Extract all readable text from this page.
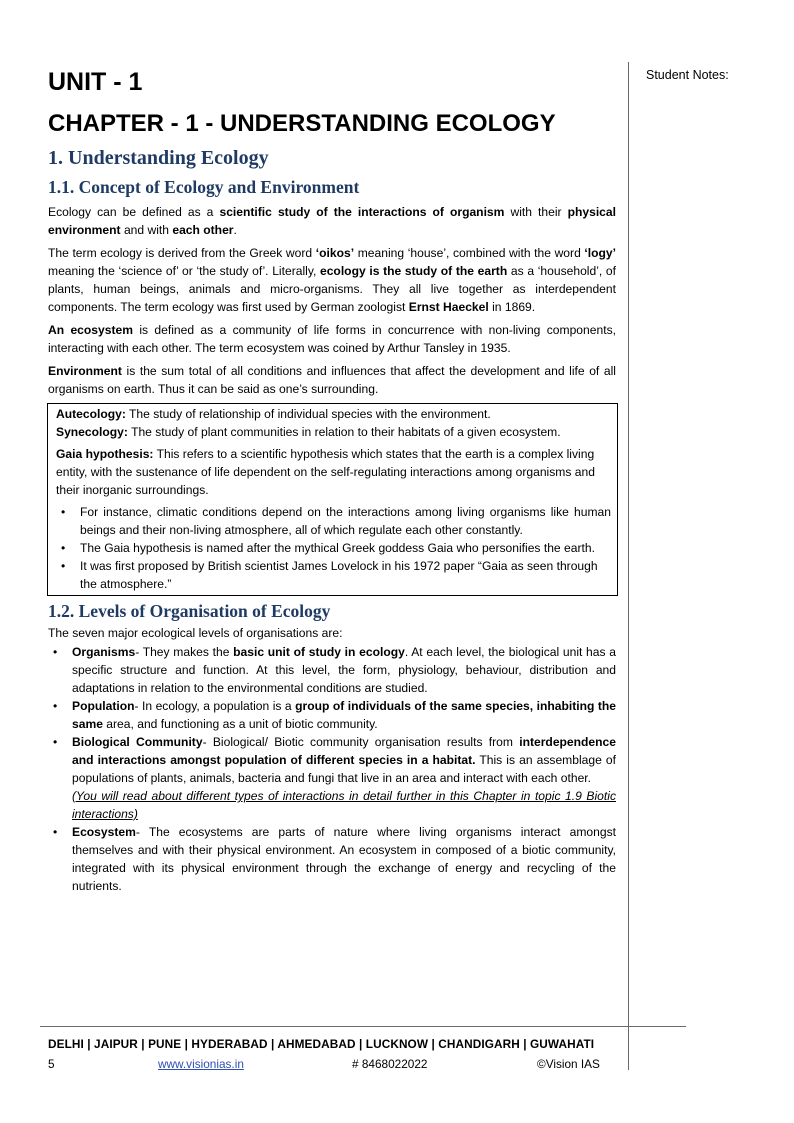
Student Notes:
UNIT - 1
CHAPTER - 1 - UNDERSTANDING ECOLOGY
1. Understanding Ecology
1.1. Concept of Ecology and Environment

Ecology can be defined as a scientific study of the interactions of organism with their physical environment and with each other.

The term ecology is derived from the Greek word ‘oikos’ meaning ‘house’, combined with the word ‘logy’ meaning the ‘science of’ or ‘the study of’. Literally, ecology is the study of the earth as a ‘household’, of plants, human beings, animals and micro-organisms. They all live together as interdependent components. The term ecology was first used by German zoologist Ernst Haeckel in 1869.

An ecosystem is defined as a community of life forms in concurrence with non-living components, interacting with each other. The term ecosystem was coined by Arthur Tansley in 1935.

Environment is the sum total of all conditions and influences that affect the development and life of all organisms on earth. Thus it can be said as one’s surrounding.

Autecology: The study of relationship of individual species with the environment.

Synecology: The study of plant communities in relation to their habitats of a given ecosystem.

Gaia hypothesis: This refers to a scientific hypothesis which states that the earth is a complex living entity, with the sustenance of life dependent on the self-regulating interactions among organisms and their inorganic surroundings.

• For instance, climatic conditions depend on the interactions among living organisms like human beings and their non-living atmosphere, all of which regulate each other constantly.
• The Gaia hypothesis is named after the mythical Greek goddess Gaia who personifies the earth.
• It was first proposed by British scientist James Lovelock in his 1972 paper “Gaia as seen through the atmosphere.”
1.2. Levels of Organisation of Ecology

The seven major ecological levels of organisations are:

• Organisms- They makes the basic unit of study in ecology. At each level, the biological unit has a specific structure and function. At this level, the form, physiology, behaviour, distribution and adaptations in relation to the environmental conditions are studied.
• Population- In ecology, a population is a group of individuals of the same species, inhabiting the same area, and functioning as a unit of biotic community.
• Biological Community- Biological/ Biotic community organisation results from interdependence and interactions amongst population of different species in a habitat. This is an assemblage of populations of plants, animals, bacteria and fungi that live in an area and interact with each other.
(You will read about different types of interactions in detail further in this Chapter in topic 1.9 Biotic interactions)
• Ecosystem- The ecosystems are parts of nature where living organisms interact amongst themselves and with their physical environment. An ecosystem in composed of a biotic community, integrated with its physical environment through the exchange of energy and recycling of the nutrients.
DELHI | JAIPUR | PUNE | HYDERABAD | AHMEDABAD | LUCKNOW | CHANDIGARH | GUWAHATI
5	www.visionias.in	# 8468022022	©Vision IAS
